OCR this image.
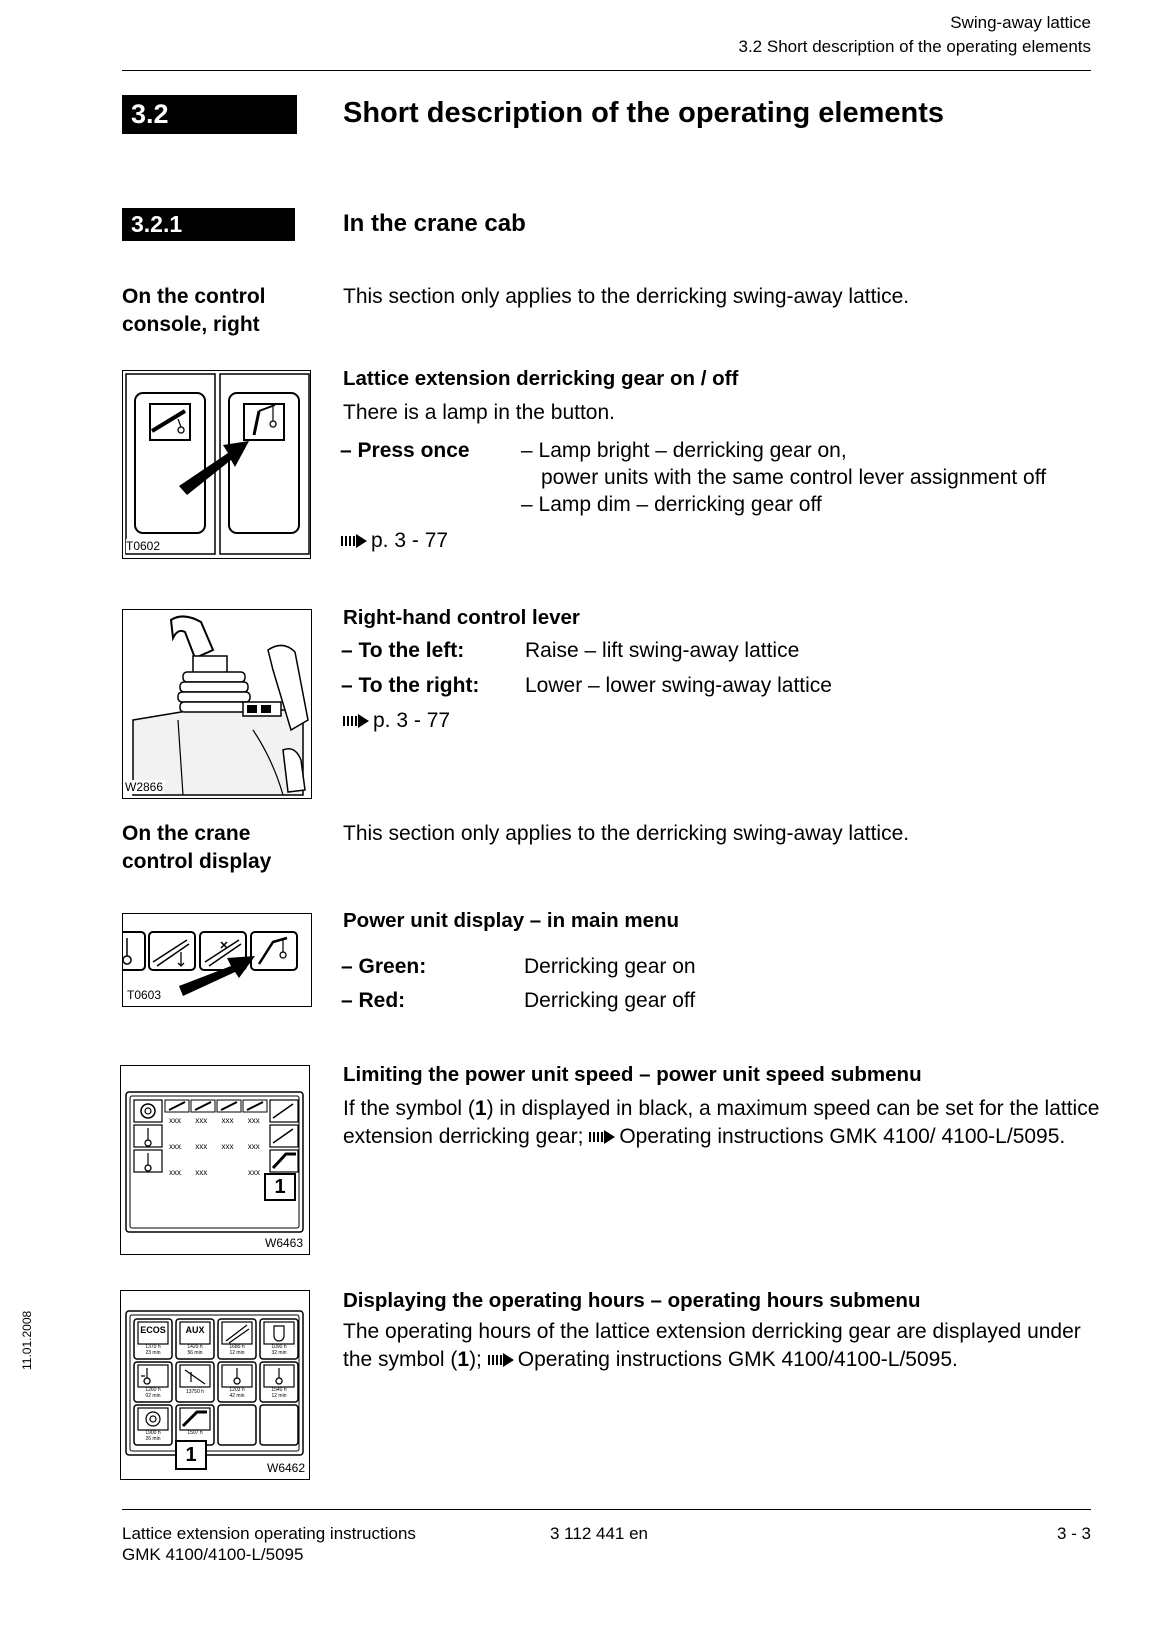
Swing-away lattice
3.2 Short description of the operating elements
3.2	Short description of the operating elements
3.2.1	In the crane cab
On the control
console, right
This section only applies to the derricking swing-away lattice.
T0602
Lattice extension derricking gear on / off
There is a lamp in the button.
– Press once – Lamp bright – derricking gear on,
power units with the same control lever assignment off
– Lamp dim – derricking gear off
p. 3 - 77
W2866
Right-hand control lever
– To the left:	Raise – lift swing-away lattice
– To the right: Lower – lower swing-away lattice
p. 3 - 77
On the crane
control display
This section only applies to the derricking swing-away lattice.
T0603
Power unit display – in main menu
– Green:	Derricking gear on
– Red:	Derricking gear off
xxx xxx xxx xxx
xxx xxx xxx xxx
xxx xxx	xxx
1
W6463
Limiting the power unit speed – power unit speed submenu
If the symbol (1) in displayed in black, a maximum speed can be set for the lattice extension derricking gear; Operating instructions GMK 4100/ 4100-L/5095.
ECOS	AUX
1370 h
23 min
1420 h
56 min
1680 h
12 min
1090 h
32 min
1260 h
02 min
13750 h	1203 h
42 min
1540 h
12 min
1900 h
26 min
1507 h
1
W6462
Displaying the operating hours – operating hours submenu
The operating hours of the lattice extension derricking gear are displayed under the symbol (1); Operating instructions GMK 4100/4100-L/5095.
11.01.2008
Lattice extension operating instructions
GMK 4100/4100-L/5095
3 112 441 en	3 - 3
